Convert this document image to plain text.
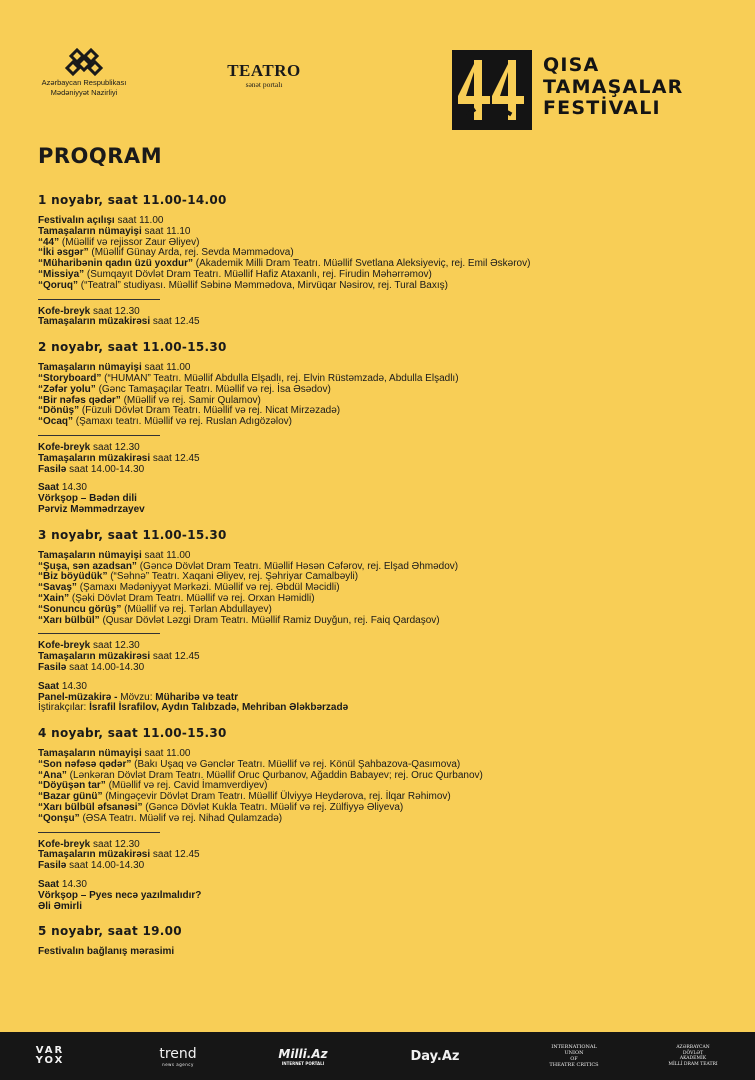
Azərbaycan Respublikası
Mədəniyyət Nazirliyi
TEATRO
sənət portalı
QISA
TAMAŞALAR
FESTİVALI
PROQRAM
1 noyabr, saat 11.00-14.00
Festivalın açılışı saat 11.00
Tamaşaların nümayişi saat 11.10
“44” (Müəllif və rejissor Zaur Əliyev)
“İki əsgər” (Müəllif Günay Arda, rej. Sevda Məmmədova)
“Müharibənin qadın üzü yoxdur” (Akademik Milli Dram Teatrı. Müəllif Svetlana Aleksiyeviç, rej. Emil Əskərov)
“Missiya” (Sumqayıt Dövlət Dram Teatrı. Müəllif Hafiz Ataxanlı, rej. Firudin Məhərrəmov)
“Qoruq” (“Teatral” studiyası. Müəllif Səbinə Məmmədova, Mirvüqar Nəsirov, rej. Tural Baxış)
Kofe-breyk saat 12.30
Tamaşaların müzakirəsi saat 12.45
2 noyabr, saat 11.00-15.30
Tamaşaların nümayişi saat 11.00
“Storyboard” (“HUMAN” Teatrı. Müəllif Abdulla Elşadlı, rej. Elvin Rüstəmzadə, Abdulla Elşadlı)
“Zəfər yolu” (Gənc Tamaşaçılar Teatrı. Müəllif və rej. İsa Əsədov)
“Bir nəfəs qədər” (Müəllif və rej. Samir Qulamov)
“Dönüş” (Füzuli Dövlət Dram Teatrı. Müəllif və rej. Nicat Mirzəzadə)
“Ocaq” (Şamaxı teatrı. Müəllif və rej. Ruslan Adıgözəlov)
Kofe-breyk saat 12.30
Tamaşaların müzakirəsi saat 12.45
Fasilə saat 14.00-14.30
Saat 14.30
Vörkşop – Bədən dili
Pərviz Məmmədrzayev
3 noyabr, saat 11.00-15.30
Tamaşaların nümayişi saat 11.00
“Şuşa, sən azadsan” (Gəncə Dövlət Dram Teatrı. Müəllif Həsən Cəfərov, rej. Elşad Əhmədov)
“Biz böyüdük” (“Səhnə” Teatrı. Xaqani Əliyev, rej. Şəhriyar Camalbəyli)
“Savaş” (Şamaxı Mədəniyyət Mərkəzi. Müəllif və rej. Əbdül Məcidli)
“Xain” (Şəki Dövlət Dram Teatrı. Müəllif və rej. Orxan Həmidli)
“Sonuncu görüş” (Müəllif və rej. Tərlan Abdullayev)
“Xarı bülbül” (Qusar Dövlət Ləzgi Dram Teatrı. Müəllif Ramiz Duyğun, rej. Faiq Qardaşov)
Kofe-breyk saat 12.30
Tamaşaların müzakirəsi saat 12.45
Fasilə saat 14.00-14.30
Saat 14.30
Panel-müzakirə - Mövzu: Müharibə və teatr
İştirakçılar: İsrafil İsrafilov, Aydın Talıbzadə, Mehriban Ələkbərzadə
4 noyabr, saat 11.00-15.30
Tamaşaların nümayişi saat 11.00
“Son nəfəsə qədər” (Bakı Uşaq və Gənclər Teatrı. Müəllif və rej. Könül Şahbazova-Qasımova)
“Ana” (Lənkəran Dövlət Dram Teatrı. Müəllif Oruc Qurbanov, Ağaddin Babayev; rej. Oruc Qurbanov)
“Döyüşən tar” (Müəllif və rej. Cavid İmamverdiyev)
“Bazar günü” (Mingəçevir Dövlət Dram Teatrı. Müəllif Ülviyyə Heydərova, rej. İlqar Rəhimov)
“Xarı bülbül əfsanəsi” (Gəncə Dövlət Kukla Teatrı. Müəlif və rej. Zülfiyyə Əliyeva)
“Qonşu” (ƏSA Teatrı. Müəlif və rej. Nihad Qulamzadə)
Kofe-breyk saat 12.30
Tamaşaların müzakirəsi saat 12.45
Fasilə saat 14.00-14.30
Saat 14.30
Vörkşop – Pyes necə yazılmalıdır?
Əli Əmirli
5 noyabr, saat 19.00
Festivalın bağlanış mərasimi
VAR
YOX	trend
news agency
Milli.Az
INTERNET PORTALI	Day.Az
INTERNATIONAL UNION
OF
THEATRE CRITICS
AZƏRBAYCAN DÖVLƏT
AKADEMİK
MİLLİ DRAM TEATRI
